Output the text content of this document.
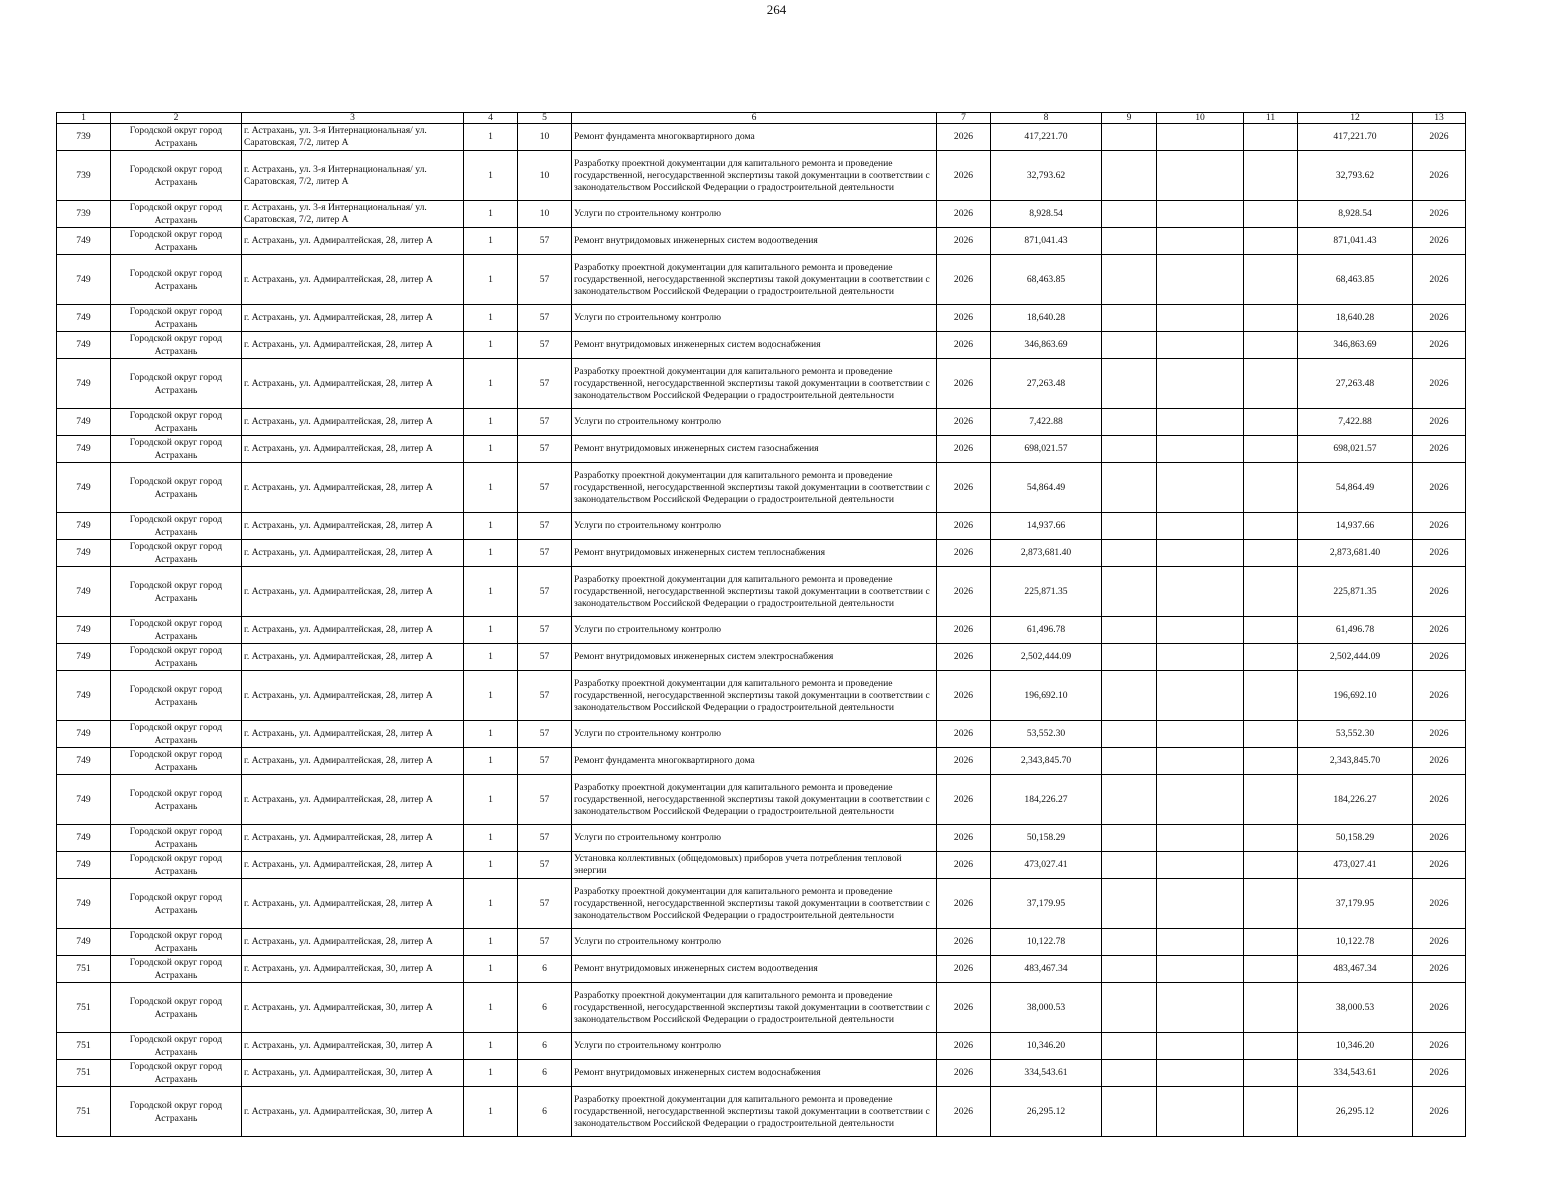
264
1	2	3	4	5	6	7	8	9	10	11	12	13
739	Городской округ город Астрахань	г. Астрахань, ул. 3-я Интернациональная/ ул. Саратовская, 7/2, литер А	1	10	Ремонт фундамента многоквартирного дома	2026	417,221.70				417,221.70	2026
739	Городской округ город Астрахань	г. Астрахань, ул. 3-я Интернациональная/ ул. Саратовская, 7/2, литер А	1	10	Разработку проектной документации для капитального ремонта и проведение государственной, негосударственной экспертизы такой документации в соответствии с законодательством Российской Федерации о градостроительной деятельности	2026	32,793.62				32,793.62	2026
739	Городской округ город Астрахань	г. Астрахань, ул. 3-я Интернациональная/ ул. Саратовская, 7/2, литер А	1	10	Услуги по строительному контролю	2026	8,928.54				8,928.54	2026
749	Городской округ город Астрахань	г. Астрахань, ул. Адмиралтейская, 28, литер А	1	57	Ремонт внутридомовых инженерных систем водоотведения	2026	871,041.43				871,041.43	2026
749	Городской округ город Астрахань	г. Астрахань, ул. Адмиралтейская, 28, литер А	1	57	Разработку проектной документации для капитального ремонта и проведение государственной, негосударственной экспертизы такой документации в соответствии с законодательством Российской Федерации о градостроительной деятельности	2026	68,463.85				68,463.85	2026
749	Городской округ город Астрахань	г. Астрахань, ул. Адмиралтейская, 28, литер А	1	57	Услуги по строительному контролю	2026	18,640.28				18,640.28	2026
749	Городской округ город Астрахань	г. Астрахань, ул. Адмиралтейская, 28, литер А	1	57	Ремонт внутридомовых инженерных систем водоснабжения	2026	346,863.69				346,863.69	2026
749	Городской округ город Астрахань	г. Астрахань, ул. Адмиралтейская, 28, литер А	1	57	Разработку проектной документации для капитального ремонта и проведение государственной, негосударственной экспертизы такой документации в соответствии с законодательством Российской Федерации о градостроительной деятельности	2026	27,263.48				27,263.48	2026
749	Городской округ город Астрахань	г. Астрахань, ул. Адмиралтейская, 28, литер А	1	57	Услуги по строительному контролю	2026	7,422.88				7,422.88	2026
749	Городской округ город Астрахань	г. Астрахань, ул. Адмиралтейская, 28, литер А	1	57	Ремонт внутридомовых инженерных систем газоснабжения	2026	698,021.57				698,021.57	2026
749	Городской округ город Астрахань	г. Астрахань, ул. Адмиралтейская, 28, литер А	1	57	Разработку проектной документации для капитального ремонта и проведение государственной, негосударственной экспертизы такой документации в соответствии с законодательством Российской Федерации о градостроительной деятельности	2026	54,864.49				54,864.49	2026
749	Городской округ город Астрахань	г. Астрахань, ул. Адмиралтейская, 28, литер А	1	57	Услуги по строительному контролю	2026	14,937.66				14,937.66	2026
749	Городской округ город Астрахань	г. Астрахань, ул. Адмиралтейская, 28, литер А	1	57	Ремонт внутридомовых инженерных систем теплоснабжения	2026	2,873,681.40				2,873,681.40	2026
749	Городской округ город Астрахань	г. Астрахань, ул. Адмиралтейская, 28, литер А	1	57	Разработку проектной документации для капитального ремонта и проведение государственной, негосударственной экспертизы такой документации в соответствии с законодательством Российской Федерации о градостроительной деятельности	2026	225,871.35				225,871.35	2026
749	Городской округ город Астрахань	г. Астрахань, ул. Адмиралтейская, 28, литер А	1	57	Услуги по строительному контролю	2026	61,496.78				61,496.78	2026
749	Городской округ город Астрахань	г. Астрахань, ул. Адмиралтейская, 28, литер А	1	57	Ремонт внутридомовых инженерных систем электроснабжения	2026	2,502,444.09				2,502,444.09	2026
749	Городской округ город Астрахань	г. Астрахань, ул. Адмиралтейская, 28, литер А	1	57	Разработку проектной документации для капитального ремонта и проведение государственной, негосударственной экспертизы такой документации в соответствии с законодательством Российской Федерации о градостроительной деятельности	2026	196,692.10				196,692.10	2026
749	Городской округ город Астрахань	г. Астрахань, ул. Адмиралтейская, 28, литер А	1	57	Услуги по строительному контролю	2026	53,552.30				53,552.30	2026
749	Городской округ город Астрахань	г. Астрахань, ул. Адмиралтейская, 28, литер А	1	57	Ремонт фундамента многоквартирного дома	2026	2,343,845.70				2,343,845.70	2026
749	Городской округ город Астрахань	г. Астрахань, ул. Адмиралтейская, 28, литер А	1	57	Разработку проектной документации для капитального ремонта и проведение государственной, негосударственной экспертизы такой документации в соответствии с законодательством Российской Федерации о градостроительной деятельности	2026	184,226.27				184,226.27	2026
749	Городской округ город Астрахань	г. Астрахань, ул. Адмиралтейская, 28, литер А	1	57	Услуги по строительному контролю	2026	50,158.29				50,158.29	2026
749	Городской округ город Астрахань	г. Астрахань, ул. Адмиралтейская, 28, литер А	1	57	Установка коллективных (общедомовых) приборов учета потребления тепловой энергии	2026	473,027.41				473,027.41	2026
749	Городской округ город Астрахань	г. Астрахань, ул. Адмиралтейская, 28, литер А	1	57	Разработку проектной документации для капитального ремонта и проведение государственной, негосударственной экспертизы такой документации в соответствии с законодательством Российской Федерации о градостроительной деятельности	2026	37,179.95				37,179.95	2026
749	Городской округ город Астрахань	г. Астрахань, ул. Адмиралтейская, 28, литер А	1	57	Услуги по строительному контролю	2026	10,122.78				10,122.78	2026
751	Городской округ город Астрахань	г. Астрахань, ул. Адмиралтейская, 30, литер А	1	6	Ремонт внутридомовых инженерных систем водоотведения	2026	483,467.34				483,467.34	2026
751	Городской округ город Астрахань	г. Астрахань, ул. Адмиралтейская, 30, литер А	1	6	Разработку проектной документации для капитального ремонта и проведение государственной, негосударственной экспертизы такой документации в соответствии с законодательством Российской Федерации о градостроительной деятельности	2026	38,000.53				38,000.53	2026
751	Городской округ город Астрахань	г. Астрахань, ул. Адмиралтейская, 30, литер А	1	6	Услуги по строительному контролю	2026	10,346.20				10,346.20	2026
751	Городской округ город Астрахань	г. Астрахань, ул. Адмиралтейская, 30, литер А	1	6	Ремонт внутридомовых инженерных систем водоснабжения	2026	334,543.61				334,543.61	2026
751	Городской округ город Астрахань	г. Астрахань, ул. Адмиралтейская, 30, литер А	1	6	Разработку проектной документации для капитального ремонта и проведение государственной, негосударственной экспертизы такой документации в соответствии с законодательством Российской Федерации о градостроительной деятельности	2026	26,295.12				26,295.12	2026
